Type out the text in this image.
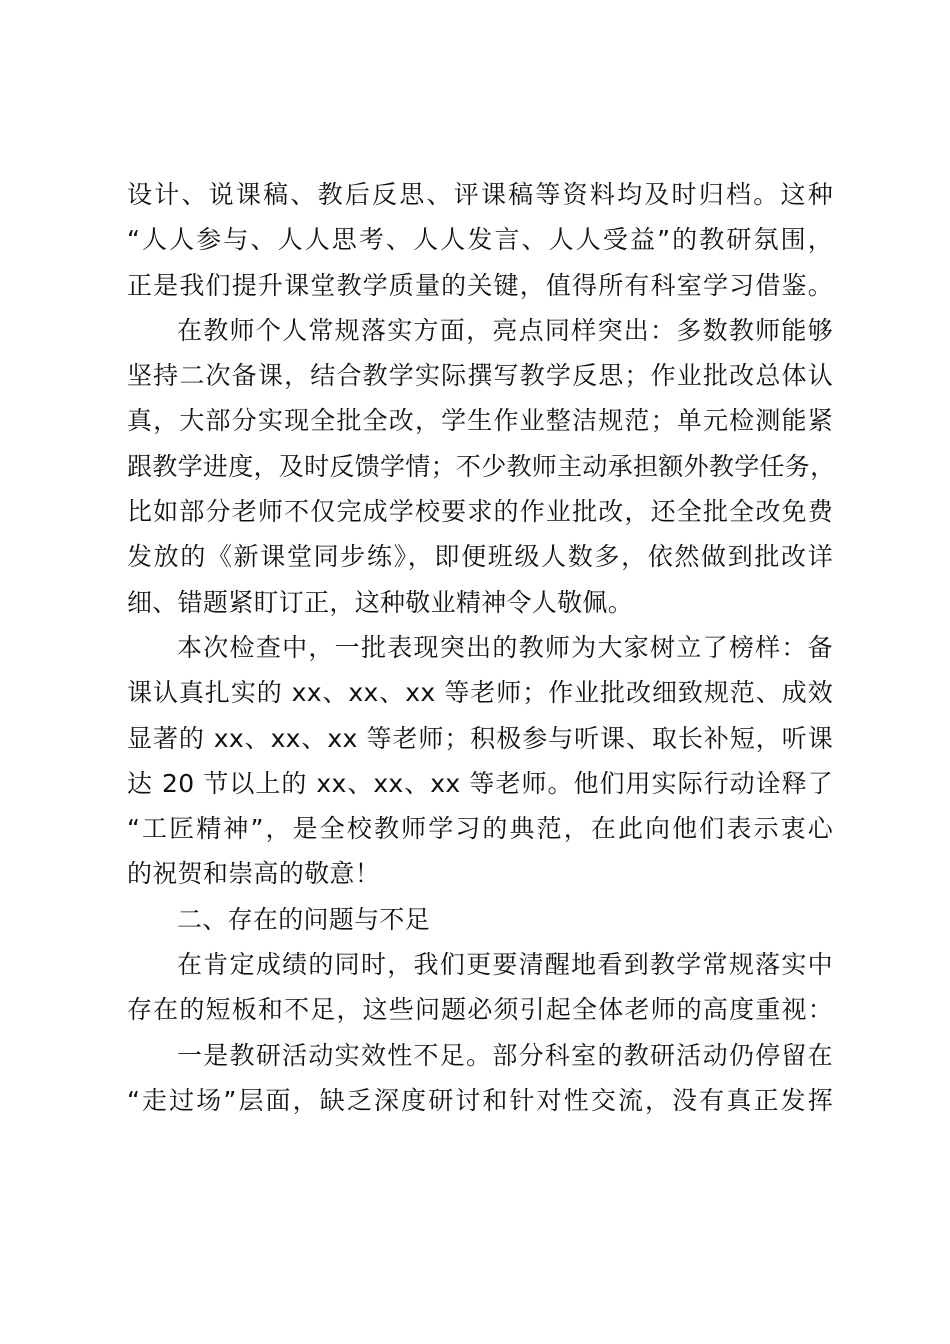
设计、说课稿、教后反思、评课稿等资料均及时归档。这种
“人人参与、人人思考、人人发言、人人受益”的教研氛围，
正是我们提升课堂教学质量的关键，值得所有科室学习借鉴。
在教师个人常规落实方面，亮点同样突出：多数教师能够
坚持二次备课，结合教学实际撰写教学反思；作业批改总体认
真，大部分实现全批全改，学生作业整洁规范；单元检测能紧
跟教学进度，及时反馈学情；不少教师主动承担额外教学任务，
比如部分老师不仅完成学校要求的作业批改，还全批全改免费
发放的《新课堂同步练》，即便班级人数多，依然做到批改详
细、错题紧盯订正，这种敬业精神令人敬佩。
本次检查中，一批表现突出的教师为大家树立了榜样：备
课认真扎实的 xx、xx、xx 等老师；作业批改细致规范、成效
显著的 xx、xx、xx 等老师；积极参与听课、取长补短，听课
达 20 节以上的 xx、xx、xx 等老师。他们用实际行动诠释了
“工匠精神”，是全校教师学习的典范，在此向他们表示衷心
的祝贺和崇高的敬意！
二、存在的问题与不足
在肯定成绩的同时，我们更要清醒地看到教学常规落实中
存在的短板和不足，这些问题必须引起全体老师的高度重视：
一是教研活动实效性不足。部分科室的教研活动仍停留在
“走过场”层面，缺乏深度研讨和针对性交流，没有真正发挥
